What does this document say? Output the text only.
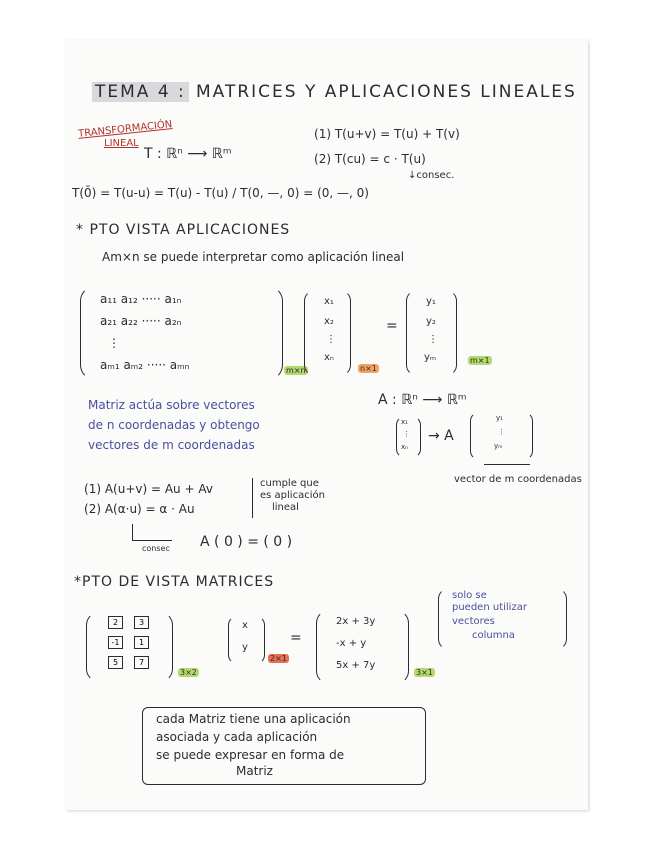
TEMA 4 : MATRICES Y APLICACIONES LINEALES
TRANSFORMACIÓN
LINEAL
T : ℝⁿ ⟶ ℝᵐ
(1) T(u+v) = T(u) + T(v)
(2) T(cu) = c · T(u)
↓consec.
T(0̄) = T(u-u) = T(u) - T(u) / T(0, —, 0) = (0, —, 0)
* PTO VISTA APLICACIONES
Am×n se puede interpretar como aplicación lineal
a₁₁ a₁₂ ····· a₁ₙ
a₂₁ a₂₂ ····· a₂ₙ
⋮
aₘ₁ aₘ₂ ····· aₘₙ	m×n
x₁
x₂
⋮
xₙ
n×1
=
y₁
y₂
⋮
yₘ	m×1
Matriz actúa sobre vectores
de n coordenadas y obtengo
vectores de m coordenadas
A : ℝⁿ ⟶ ℝᵐ
x₁
⋮
xₙ
→ A
y₁
⋮
yₘ
vector de m coordenadas
(1) A(u+v) = Au + Av
(2) A(α·u) = α · Au
cumple que
es aplicación
lineal
consec A ( 0 ) = ( 0 )
*PTO DE VISTA MATRICES
2	3
-1	1
5	7
3×2
x
y
2×1
=
2x + 3y
-x + y
5x + 7y
3×1
solo se
pueden utilizar
vectores
columna
cada Matriz tiene una aplicación
asociada y cada aplicación
se puede expresar en forma de
Matriz
